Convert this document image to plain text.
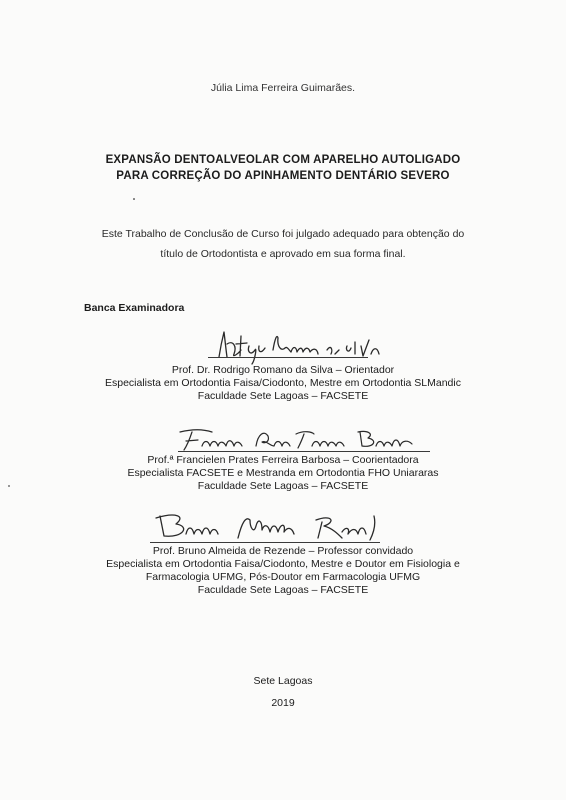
Júlia Lima Ferreira Guimarães.
EXPANSÃO DENTOALVEOLAR COM APARELHO AUTOLIGADO
PARA CORREÇÃO DO APINHAMENTO DENTÁRIO SEVERO
Este Trabalho de Conclusão de Curso foi julgado adequado para obtenção do
título de Ortodontista e aprovado em sua forma final.
Banca Examinadora
Prof. Dr. Rodrigo Romano da Silva – Orientador
Especialista em Ortodontia Faisa/Ciodonto, Mestre em Ortodontia SLMandic
Faculdade Sete Lagoas – FACSETE
Prof.ª Francielen Prates Ferreira Barbosa – Coorientadora
Especialista FACSETE e Mestranda em Ortodontia FHO Uniararas
Faculdade Sete Lagoas – FACSETE
Prof. Bruno Almeida de Rezende – Professor convidado
Especialista em Ortodontia Faisa/Ciodonto, Mestre e Doutor em Fisiologia e
Farmacologia UFMG, Pós-Doutor em Farmacologia UFMG
Faculdade Sete Lagoas – FACSETE
Sete Lagoas
2019
